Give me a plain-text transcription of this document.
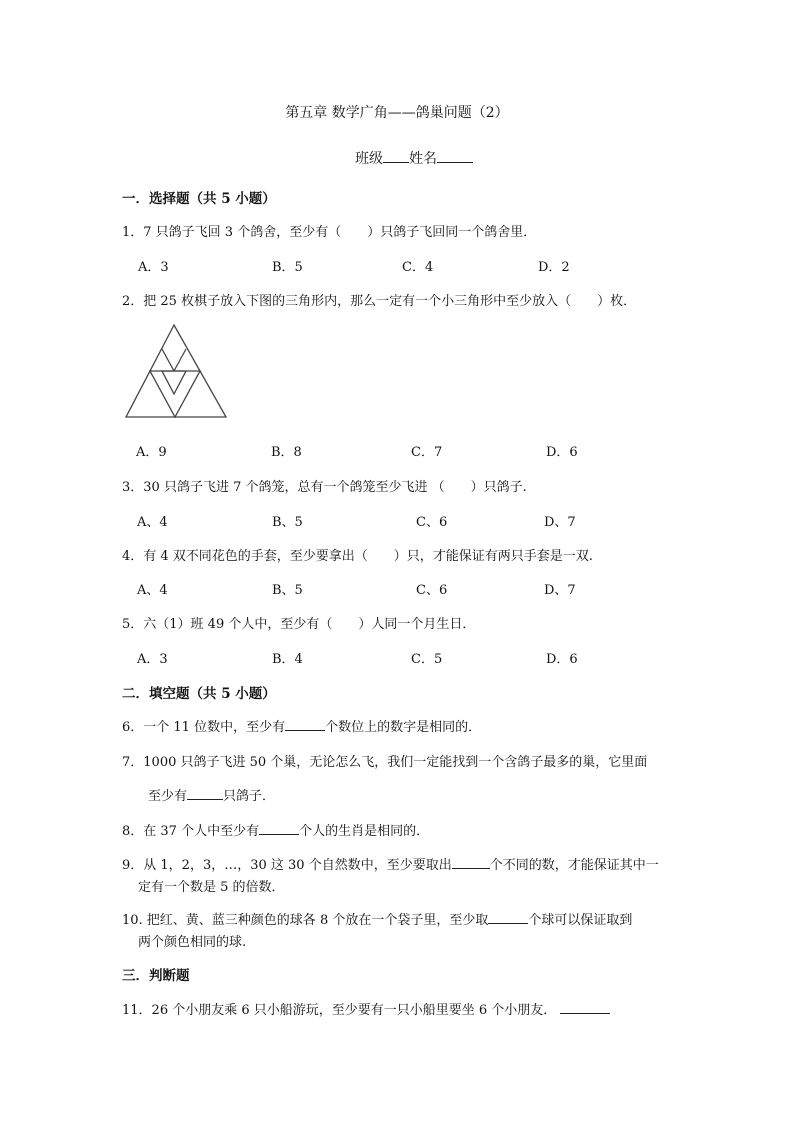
第五章 数学广角——鸽巢问题（2）
班级 姓名
一．选择题（共 5 小题）
1．7 只鸽子飞回 3 个鸽舍，至少有（　　）只鸽子飞回同一个鸽舍里．
A．3	B．5	C．4	D．2
2．把 25 枚棋子放入下图的三角形内，那么一定有一个小三角形中至少放入（　　）枚．
A．9	B．8	C．7	D．6
3．30 只鸽子飞进 7 个鸽笼，总有一个鸽笼至少飞进 （　　）只鸽子.
A、4	B、5	C、6	D、7
4．有 4 双不同花色的手套，至少要拿出（　　）只，才能保证有两只手套是一双.
A、4	B、5	C、6	D、7
5．六（1）班 49 个人中，至少有（　　）人同一个月生日．
A．3	B．4	C．5	D．6
二．填空题（共 5 小题）
6．一个 11 位数中，至少有	个数位上的数字是相同的．
7．1000 只鸽子飞进 50 个巢，无论怎么飞，我们一定能找到一个含鸽子最多的巢，它里面
至少有	只鸽子．
8．在 37 个人中至少有	个人的生肖是相同的．
9．从 1，2，3，…，30 这 30 个自然数中，至少要取出	个不同的数，才能保证其中一
定有一个数是 5 的倍数．
10. 把红、黄、蓝三种颜色的球各 8 个放在一个袋子里，至少取	个球可以保证取到
两个颜色相同的球.
三．判断题
11．26 个小朋友乘 6 只小船游玩，至少要有一只小船里要坐 6 个小朋友．
